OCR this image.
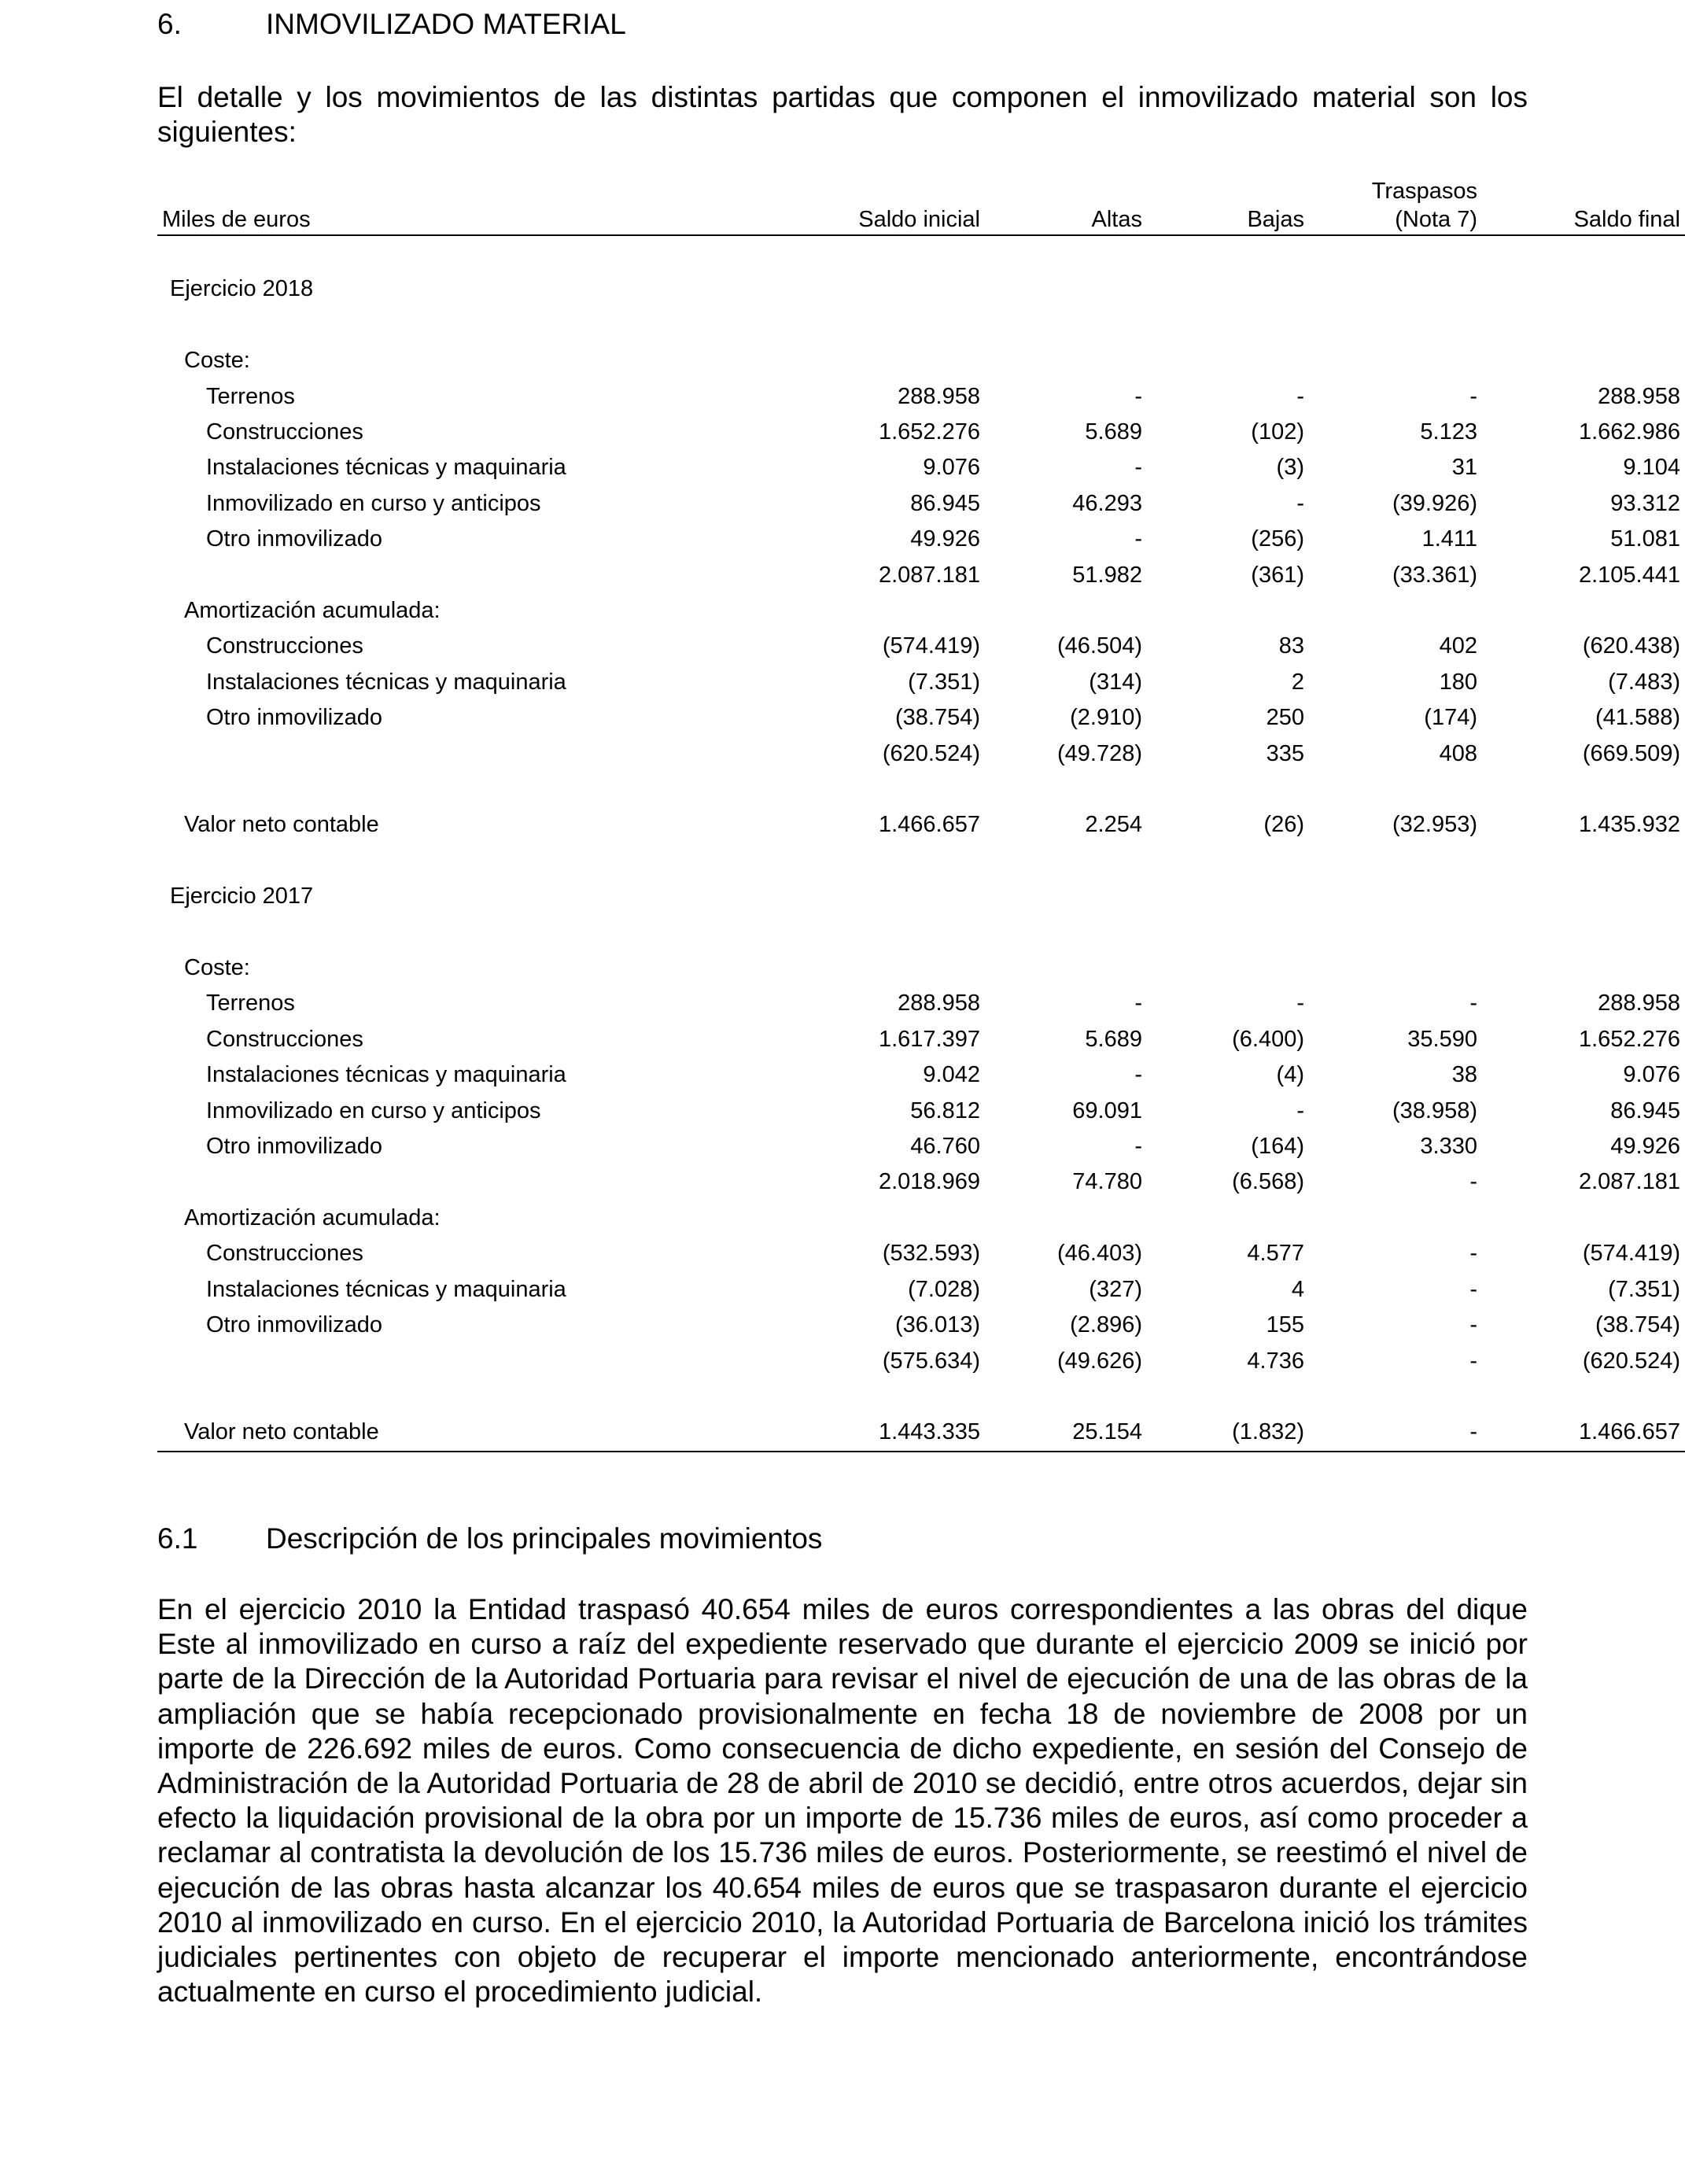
6.	INMOVILIZADO MATERIAL

El detalle y los movimientos de las distintas partidas que componen el inmovilizado material son los siguientes:

				Traspasos	
Miles de euros	Saldo inicial	Altas	Bajas	(Nota 7)	Saldo final

Ejercicio 2018					

Coste:					
Terrenos	288.958	-	-	-	288.958
Construcciones	1.652.276	5.689	(102)	5.123	1.662.986
Instalaciones técnicas y maquinaria	9.076	-	(3)	31	9.104
Inmovilizado en curso y anticipos	86.945	46.293	-	(39.926)	93.312
Otro inmovilizado	49.926	-	(256)	1.411	51.081
	2.087.181	51.982	(361)	(33.361)	2.105.441
Amortización acumulada:					
Construcciones	(574.419)	(46.504)	83	402	(620.438)
Instalaciones técnicas y maquinaria	(7.351)	(314)	2	180	(7.483)
Otro inmovilizado	(38.754)	(2.910)	250	(174)	(41.588)
	(620.524)	(49.728)	335	408	(669.509)

Valor neto contable	1.466.657	2.254	(26)	(32.953)	1.435.932

Ejercicio 2017					

Coste:					
Terrenos	288.958	-	-	-	288.958
Construcciones	1.617.397	5.689	(6.400)	35.590	1.652.276
Instalaciones técnicas y maquinaria	9.042	-	(4)	38	9.076
Inmovilizado en curso y anticipos	56.812	69.091	-	(38.958)	86.945
Otro inmovilizado	46.760	-	(164)	3.330	49.926
	2.018.969	74.780	(6.568)	-	2.087.181
Amortización acumulada:					
Construcciones	(532.593)	(46.403)	4.577	-	(574.419)
Instalaciones técnicas y maquinaria	(7.028)	(327)	4	-	(7.351)
Otro inmovilizado	(36.013)	(2.896)	155	-	(38.754)
	(575.634)	(49.626)	4.736	-	(620.524)

Valor neto contable	1.443.335	25.154	(1.832)	-	1.466.657
6.1 Descripción de los principales movimientos

En el ejercicio 2010 la Entidad traspasó 40.654 miles de euros correspondientes a las obras del dique Este al inmovilizado en curso a raíz del expediente reservado que durante el ejercicio 2009 se inició por parte de la Dirección de la Autoridad Portuaria para revisar el nivel de ejecución de una de las obras de la ampliación que se había recepcionado provisionalmente en fecha 18 de noviembre de 2008 por un importe de 226.692 miles de euros. Como consecuencia de dicho expediente, en sesión del Consejo de Administración de la Autoridad Portuaria de 28 de abril de 2010 se decidió, entre otros acuerdos, dejar sin efecto la liquidación provisional de la obra por un importe de 15.736 miles de euros, así como proceder a reclamar al contratista la devolución de los 15.736 miles de euros. Posteriormente, se reestimó el nivel de ejecución de las obras hasta alcanzar los 40.654 miles de euros que se traspasaron durante el ejercicio 2010 al inmovilizado en curso. En el ejercicio 2010, la Autoridad Portuaria de Barcelona inició los trámites judiciales pertinentes con objeto de recuperar el importe mencionado anteriormente, encontrándose actualmente en curso el procedimiento judicial.
